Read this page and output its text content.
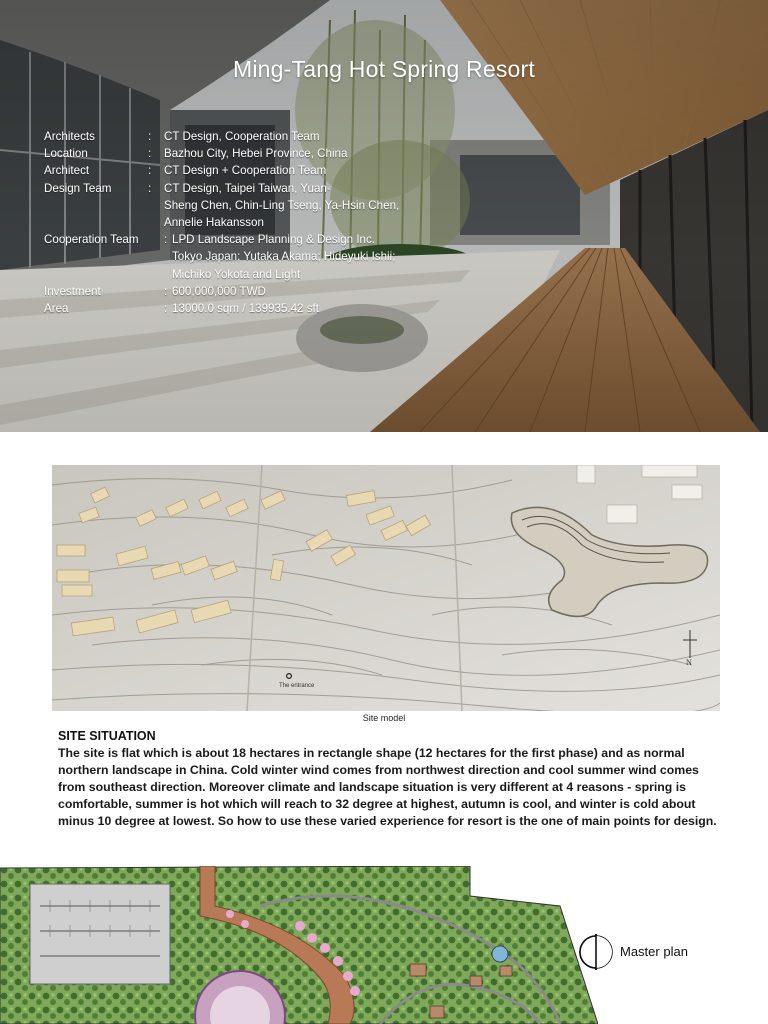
Ming-Tang Hot Spring Resort
Architects	:	CT Design, Cooperation Team
Location	:	Bazhou City, Hebei Province, China
Architect	:	CT Design + Cooperation Team
Design Team	:	CT Design, Taipei Taiwan, Yuan-
Sheng Chen, Chin-Ling Tseng, Ya-Hsin Chen,
Annelie Hakansson
Cooperation Team	: LPD Landscape Planning & Design Inc.
Tokyo Japan; Yutaka Akama; Hideyuki Ishii;
Michiko Yokota and Light
Investment	: 600,000,000 TWD
Area	: 13000.0 sqm / 139935.42 sft
The entrance
N
Site model
SITE SITUATION
The site is flat which is about 18 hectares in rectangle shape (12 hectares for the first phase) and as normal northern landscape in China. Cold winter wind comes from northwest direction and cool summer wind comes from southeast direction. Moreover climate and landscape situation is very different at 4 reasons - spring is comfortable, summer is hot which will reach to 32 degree at highest, autumn is cool, and winter is cold about minus 10 degree at lowest. So how to use these varied experience for resort is the one of main points for design.
Master plan
